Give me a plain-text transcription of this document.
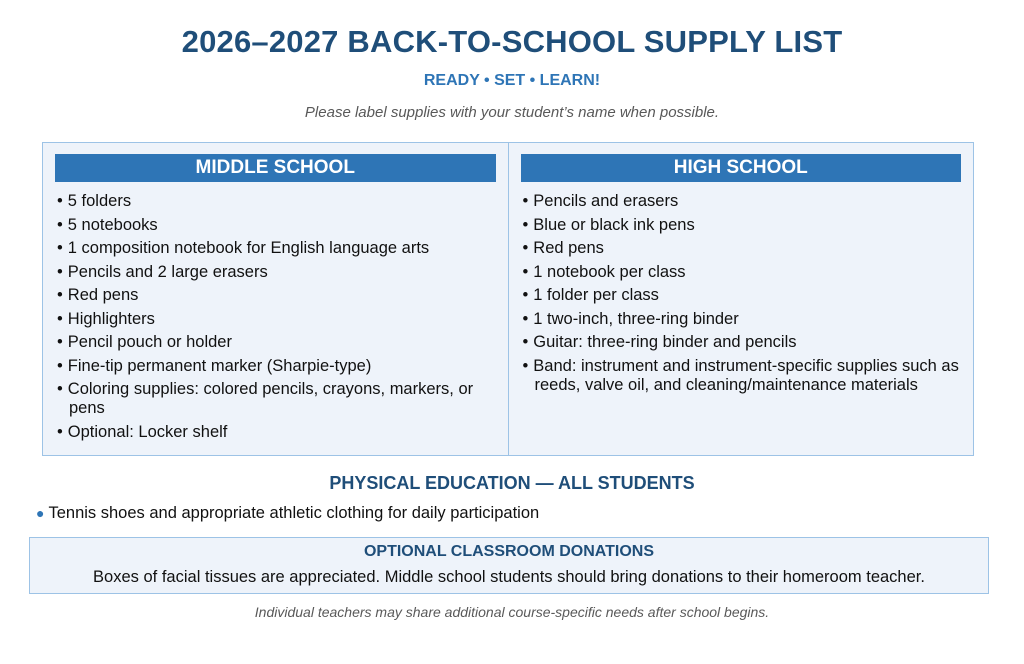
2026–2027 BACK-TO-SCHOOL SUPPLY LIST
READY • SET • LEARN!
Please label supplies with your student’s name when possible.
MIDDLE SCHOOL
• 5 folders
• 5 notebooks
• 1 composition notebook for English language arts
• Pencils and 2 large erasers
• Red pens
• Highlighters
• Pencil pouch or holder
• Fine-tip permanent marker (Sharpie-type)
• Coloring supplies: colored pencils, crayons, markers, or pens
• Optional: Locker shelf
HIGH SCHOOL
• Pencils and erasers
• Blue or black ink pens
• Red pens
• 1 notebook per class
• 1 folder per class
• 1 two-inch, three-ring binder
• Guitar: three-ring binder and pencils
• Band: instrument and instrument-specific supplies such as reeds, valve oil, and cleaning/maintenance materials
PHYSICAL EDUCATION — ALL STUDENTS
● Tennis shoes and appropriate athletic clothing for daily participation
OPTIONAL CLASSROOM DONATIONS
Boxes of facial tissues are appreciated. Middle school students should bring donations to their homeroom teacher.
Individual teachers may share additional course-specific needs after school begins.
